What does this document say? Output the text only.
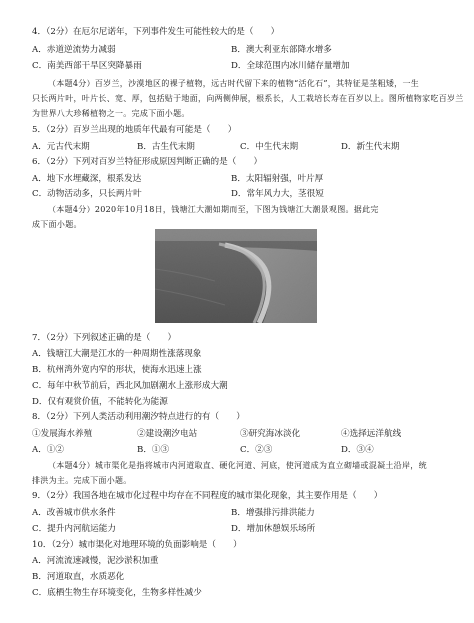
4．（2分）在厄尔尼诺年，下列事件发生可能性较大的是（　　）
A．赤道逆流势力减弱	B．澳大利亚东部降水增多
C．南美西部干旱区突降暴雨	D．全球范围内冰川储存量增加
（本题4分）百岁兰，沙漠地区的裸子植物，远古时代留下来的植物“活化石”，其特征是茎粗矮，一生
只长两片叶，叶片长、宽、厚，包括贴于地面，向两侧伸展，根系长，人工栽培长寿在百岁以上。图所植物家吃百岁兰
为世界八大珍稀植物之一。完成下面小题。
5．（2分）百岁兰出现的地质年代最有可能是（　　）
A．元古代末期	B．古生代末期	C．中生代末期	D．新生代末期
6．（2分）下列对百岁兰特征形成原因判断正确的是（　　）
A．地下水埋藏深，根系发达	B．太阳辐射强，叶片厚
C．动物活动多，只长两片叶	D．常年风力大，茎很短
（本题4分）2020年10月18日，钱塘江大潮如期而至，下图为钱塘江大潮景观图。据此完
成下面小题。
7．（2分）下列叙述正确的是（　　）
A．钱塘江大潮是江水的一种周期性涨落现象
B．杭州湾外宽内窄的形状，使海水迅速上涨
C．每年中秋节前后，西北风加剧潮水上涨形成大潮
D．仅有观赏价值，不能转化为能源
8．（2分）下列人类活动利用潮汐特点进行的有（　　）
①发展海水养殖	②建设潮汐电站	③研究海冰淡化	④选择远洋航线
A．①②	B．①③	C．②③	D．③④
（本题4分）城市渠化是指将城市内河道取直、硬化河道、河底，使河道成为直立砌墙或混凝土沿岸，统
排洪为主。完成下面小题。
9．（2分）我国各地在城市化过程中均存在不同程度的城市渠化现象，其主要作用是（　　）
A．改善城市供水条件	B．增强排污排洪能力
C．提升内河航运能力	D．增加休憩娱乐场所
10．（2分）城市渠化对地理环境的负面影响是（　　）
A．河流流速减慢，泥沙淤积加重
B．河道取直，水质恶化
C．底栖生物生存环境变化，生物多样性减少
